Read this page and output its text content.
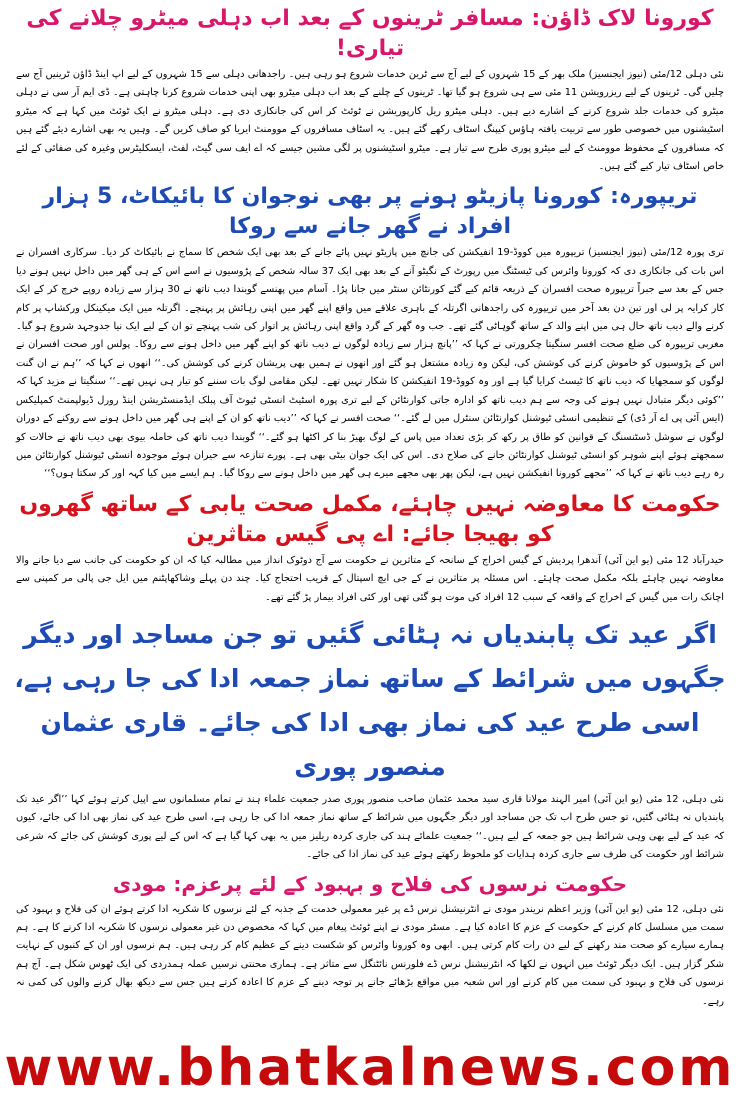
کورونا لاک ڈاؤن: مسافر ٹرینوں کے بعد اب دہلی میٹرو چلانے کی تیاری!

نئی دہلی 12/مئی (نیوز ایجنسیز) ملک بھر کے 15 شہروں کے لیے آج سے ٹرین خدمات شروع ہو رہی ہیں۔ راجدھانی دہلی سے 15 شہروں کے لیے اپ اینڈ ڈاؤن ٹرینیں آج سے چلیں گی۔ ٹرینوں کے لیے ریزرویشن 11 مئی سے ہی شروع ہو گیا تھا۔ ٹرینوں کے چلنے کے بعد اب دہلی میٹرو بھی اپنی خدمات شروع کرنا چاہتی ہے۔ ڈی ایم آر سی نے دہلی میٹرو کی خدمات جلد شروع کرنے کے اشارے دیے ہیں۔ دہلی میٹرو ریل کارپوریشن نے ٹوئٹ کر اس کی جانکاری دی ہے۔ دہلی میٹرو نے ایک ٹوئٹ میں کہا ہے کہ میٹرو اسٹیشنوں میں خصوصی طور سے تربیت یافتہ ہاؤس کیپنگ اسٹاف رکھے گئے ہیں۔ یہ اسٹاف مسافروں کے موومنٹ ایریا کو صاف کریں گے۔ وہیں یہ بھی اشارے دیئے گئے ہیں کہ مسافروں کے محفوظ موومنٹ کے لیے میٹرو پوری طرح سے تیار ہے۔ میٹرو اسٹیشنوں پر لگی مشین جیسے کہ اے ایف سی گیٹ، لفٹ، ایسکلیٹرس وغیرہ کی صفائی کے لئے خاص اسٹاف تیار کیے گئے ہیں۔

تریپورہ: کورونا پازیٹو ہونے پر بھی نوجوان کا بائیکاٹ، 5 ہزار افراد نے گھر جانے سے روکا

تری پورہ 12/مئی (نیوز ایجنسیز) تریپورہ میں کووڈ-19 انفیکشن کی جانچ میں پازیٹو نہیں پائے جانے کے بعد بھی ایک شخص کا سماج نے بائیکاٹ کر دیا۔ سرکاری افسران نے اس بات کی جانکاری دی کہ کورونا وائرس کی ٹیسٹنگ میں رپورٹ کے نگیٹو آنے کے بعد بھی ایک 37 سالہ شخص کے پڑوسیوں نے اسے اس کے ہی گھر میں داخل نہیں ہونے دیا جس کے بعد سے جبراً تریپورہ صحت افسران کے ذریعہ قائم کیے گئے کورنٹائن سنٹر میں جانا پڑا۔ آسام میں پھنسے گوبندا دیب ناتھ نے 30 ہزار سے زیادہ روپے خرچ کر کے ایک کار کرایہ پر لی اور تین دن بعد آخر میں تریپورہ کی راجدھانی اگرتلہ کے باہری علاقے میں واقع اپنے گھر میں اپنی رہائش پر پہنچے۔ اگرتلہ میں ایک میکینکل ورکشاپ پر کام کرنے والے دیب ناتھ حال ہی میں اپنے والد کے ساتھ گوہاٹی گئے تھے۔ جب وہ گھر کے گرد واقع اپنی رہائش پر اتوار کی شب پہنچے تو ان کے لیے ایک نیا جدوجہد شروع ہو گیا۔ مغربی تریپورہ کی ضلع صحت افسر سنگیتا چکرورتی نے کہا کہ ’’پانچ ہزار سے زیادہ لوگوں نے دیب ناتھ کو اپنے گھر میں داخل ہونے سے روکا۔ پولس اور صحت افسران نے اس کے پڑوسیوں کو خاموش کرنے کی کوشش کی، لیکن وہ زیادہ مشتعل ہو گئے اور انھوں نے ہمیں بھی پریشان کرنے کی کوشش کی۔‘‘ انھوں نے کہا کہ ’’ہم نے ان گنت لوگوں کو سمجھایا کہ دیب ناتھ کا ٹیسٹ کرایا گیا ہے اور وہ کووڈ-19 انفیکشن کا شکار نہیں تھے۔ لیکن مقامی لوگ بات سننے کو تیار ہی نہیں تھے۔‘‘ سنگیتا نے مزید کہا کہ ’’کوئی دیگر متبادل نہیں ہونے کی وجہ سے ہم دیب ناتھ کو ادارہ جاتی کوارنٹائن کے لیے تری پورہ اسٹیٹ انسٹی ٹیوٹ آف پبلک ایڈمنسٹریشن اینڈ رورل ڈیولپمنٹ کمپلیکس (ایس آئی پی اے آر ڈی) کے تنظیمی انسٹی ٹیوشنل کوارنٹائن سنٹرل میں لے گئے۔‘‘ صحت افسر نے کہا کہ ’’دیب ناتھ کو ان کے اپنے ہی گھر میں داخل ہونے سے روکنے کے دوران لوگوں نے سوشل ڈسٹنسنگ کے قوانین کو طاق پر رکھ کر بڑی تعداد میں پاس کے لوگ بھیڑ بنا کر اکٹھا ہو گئے۔‘‘ گوبندا دیب ناتھ کی حاملہ بیوی بھی دیب ناتھ نے حالات کو سمجھتے ہوئے اپنے شوہر کو انسٹی ٹیوشنل کوارنٹائن جانے کی صلاح دی۔ اس کی ایک جوان بیٹی بھی ہے۔ پورے تنازعہ سے حیران ہوئے موجودہ انسٹی ٹیوشنل کوارنٹائن میں رہ رہے دیب ناتھ نے کہا کہ ’’مجھے کورونا انفیکشن نہیں ہے، لیکن پھر بھی مجھے میرے ہی گھر میں داخل ہونے سے روکا گیا۔ ہم ایسے میں کیا کہہ اور کر سکتا ہوں؟‘‘

حکومت کا معاوضہ نہیں چاہئے، مکمل صحت یابی کے ساتھ گھروں کو بھیجا جائے: اے پی گیس متاثرین

حیدرآباد 12 مئی (یو این آئی) آندھرا پردیش کے گیس اخراج کے سانحہ کے متاثرین نے حکومت سے آج دوٹوک انداز میں مطالبہ کیا کہ ان کو حکومت کی جانب سے دیا جانے والا معاوضہ نہیں چاہئے بلکہ مکمل صحت چاہئے۔ اس مسئلہ پر متاثرین نے کے جی ایچ اسپتال کے قریب احتجاج کیا۔ چند دن پہلے وشاکھاپٹنم میں ایل جی پالی مر کمپنی سے اچانک رات میں گیس کے اخراج کے واقعہ کے سبب 12 افراد کی موت ہو گئی تھی اور کئی افراد بیمار پڑ گئے تھے۔

اگر عید تک پابندیاں نہ ہٹائی گئیں تو جن مساجد اور دیگر جگہوں میں شرائط کے ساتھ نماز جمعہ ادا کی جا رہی ہے، اسی طرح عید کی نماز بھی ادا کی جائے۔ قاری عثمان منصور پوری

نئی دہلی، 12 مئی (یو این آئی) امیر الہند مولانا قاری سید محمد عثمان صاحب منصور پوری صدر جمعیت علماء ہند نے تمام مسلمانوں سے اپیل کرتے ہوئے کہا ’’اگر عید تک پابندیاں نہ ہٹائی گئیں، تو جس طرح اب تک جن مساجد اور دیگر جگہوں میں شرائط کے ساتھ نماز جمعہ ادا کی جا رہی ہے، اسی طرح عید کی نماز بھی ادا کی جائے، کیوں کہ عید کے لیے بھی وہی شرائط ہیں جو جمعہ کے لیے ہیں۔‘‘ جمعیت علمائے ہند کی جاری کردہ ریلیز میں یہ بھی کہا گیا ہے کہ اس کے لیے پوری کوشش کی جائے کہ شرعی شرائط اور حکومت کی طرف سے جاری کردہ ہدایات کو ملحوظ رکھتے ہوئے عید کی نماز ادا کی جائے۔

حکومت نرسوں کی فلاح و بہبود کے لئے پرعزم: مودی

نئی دہلی، 12 مئی (یو این آئی) وزیر اعظم نریندر مودی نے انٹرنیشنل نرس ڈے پر غیر معمولی خدمت کے جذبہ کے لئے نرسوں کا شکریہ ادا کرتے ہوئے ان کی فلاح و بہبود کی سمت میں مسلسل کام کرنے کے حکومت کے عزم کا اعادہ کیا ہے۔ مسٹر مودی نے اپنے ٹوئٹ پیغام میں کہا کہ مخصوص دن غیر معمولی نرسوں کا شکریہ ادا کرنے کا ہے۔ ہم ہمارے سیارے کو صحت مند رکھنے کے لیے دن رات کام کرتی ہیں۔ ابھی وہ کورونا وائرس کو شکست دینے کے عظیم کام کر رہی ہیں۔ ہم نرسوں اور ان کے کنبوں کے نہایت شکر گزار ہیں۔ ایک دیگر ٹوئٹ میں انہوں نے لکھا کہ انٹرنیشنل نرس ڈے فلورنس نائٹنگل سے متاثر ہے۔ ہماری محنتی نرسیں عملہ ہمدردی کی ایک ٹھوس شکل ہے۔ آج ہم نرسوں کی فلاح و بہبود کی سمت میں کام کرنے اور اس شعبہ میں مواقع بڑھائے جانے پر توجہ دینے کے عزم کا اعادہ کرتے ہیں جس سے دیکھ بھال کرنے والوں کی کمی نہ رہے۔

www.bhatkalnews.com
